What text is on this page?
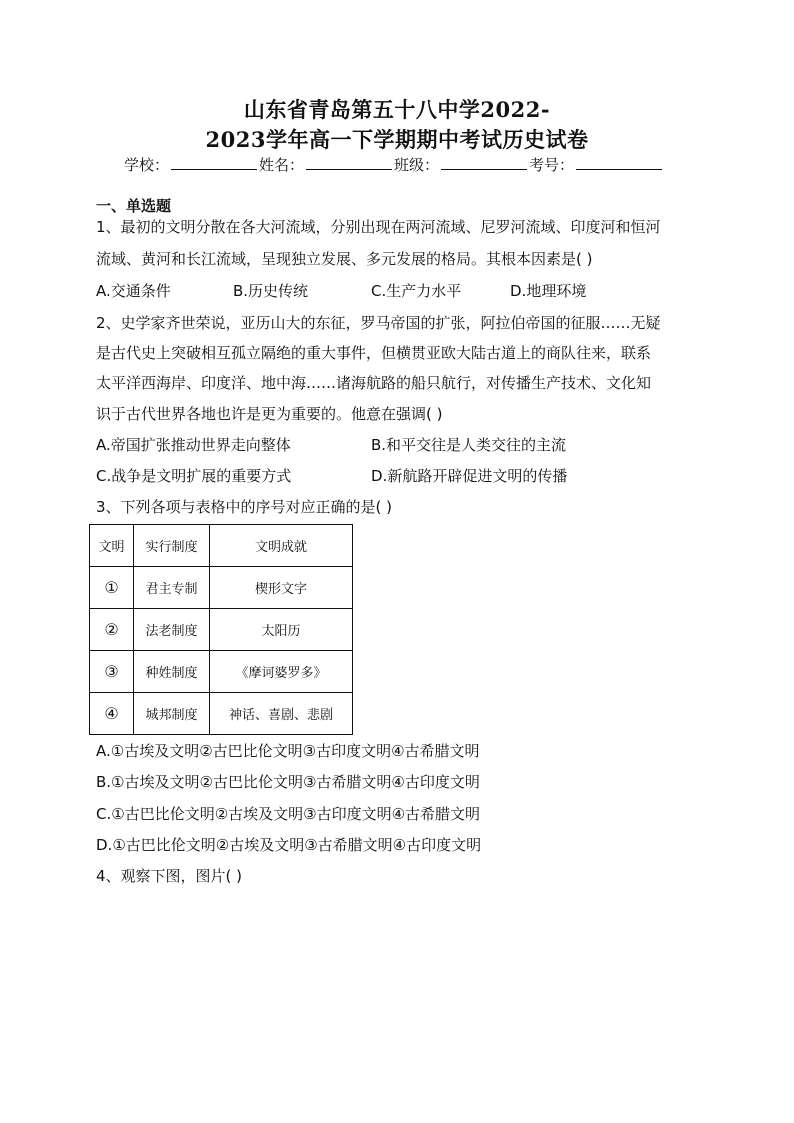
山东省青岛第五十八中学2022-
2023学年高一下学期期中考试历史试卷
学校：	姓名：	班级：	考号：
一、单选题
1、最初的文明分散在各大河流域，分别出现在两河流域、尼罗河流域、印度河和恒河
流域、黄河和长江流域，呈现独立发展、多元发展的格局。其根本因素是( )
A.交通条件	B.历史传统	C.生产力水平	D.地理环境
2、史学家齐世荣说，亚历山大的东征，罗马帝国的扩张，阿拉伯帝国的征服……无疑
是古代史上突破相互孤立隔绝的重大事件，但横贯亚欧大陆古道上的商队往来，联系
太平洋西海岸、印度洋、地中海……诸海航路的船只航行，对传播生产技术、文化知
识于古代世界各地也许是更为重要的。他意在强调( )
A.帝国扩张推动世界走向整体	B.和平交往是人类交往的主流
C.战争是文明扩展的重要方式	D.新航路开辟促进文明的传播
3、下列各项与表格中的序号对应正确的是( )
文明	实行制度	文明成就
①	君主专制	楔形文字
②	法老制度	太阳历
③	种姓制度	《摩诃婆罗多》
④	城邦制度	神话、喜剧、悲剧
A.①古埃及文明②古巴比伦文明③古印度文明④古希腊文明
B.①古埃及文明②古巴比伦文明③古希腊文明④古印度文明
C.①古巴比伦文明②古埃及文明③古印度文明④古希腊文明
D.①古巴比伦文明②古埃及文明③古希腊文明④古印度文明
4、观察下图，图片( )
